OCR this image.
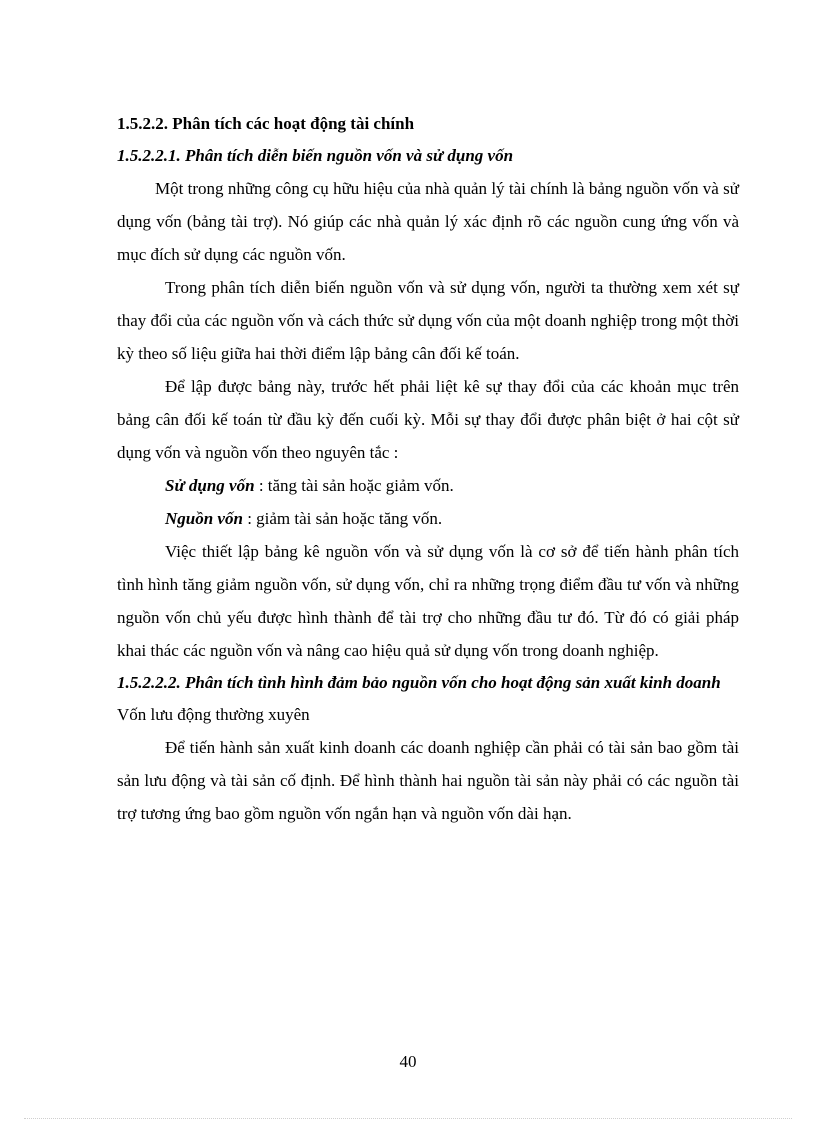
1.5.2.2. Phân tích các hoạt động tài chính

1.5.2.2.1. Phân tích diễn biến nguồn vốn và sử dụng vốn

Một trong những công cụ hữu hiệu của nhà quản lý tài chính là bảng nguồn vốn và sử dụng vốn (bảng tài trợ). Nó giúp các nhà quản lý xác định rõ các nguồn cung ứng vốn và mục đích sử dụng các nguồn vốn.

Trong phân tích diễn biến nguồn vốn và sử dụng vốn, người ta thường xem xét sự thay đổi của các nguồn vốn và cách thức sử dụng vốn của một doanh nghiệp trong một thời kỳ theo số liệu giữa hai thời điểm lập bảng cân đối kế toán.

Để lập được bảng này, trước hết phải liệt kê sự thay đổi của các khoản mục trên bảng cân đối kế toán từ đầu kỳ đến cuối kỳ. Mỗi sự thay đổi được phân biệt ở hai cột sử dụng vốn và nguồn vốn theo nguyên tắc :

Sử dụng vốn : tăng tài sản hoặc giảm vốn.

Nguồn vốn : giảm tài sản hoặc tăng vốn.

Việc thiết lập bảng kê nguồn vốn và sử dụng vốn là cơ sở để tiến hành phân tích tình hình tăng giảm nguồn vốn, sử dụng vốn, chỉ ra những trọng điểm đầu tư vốn và những nguồn vốn chủ yếu được hình thành để tài trợ cho những đầu tư đó. Từ đó có giải pháp khai thác các nguồn vốn và nâng cao hiệu quả sử dụng vốn trong doanh nghiệp.

1.5.2.2.2. Phân tích tình hình đảm bảo nguồn vốn cho hoạt động sản xuất kinh doanh

Vốn lưu động thường xuyên

Để tiến hành sản xuất kinh doanh các doanh nghiệp cần phải có tài sản bao gồm tài sản lưu động và tài sản cố định. Để hình thành hai nguồn tài sản này phải có các nguồn tài trợ tương ứng bao gồm nguồn vốn ngắn hạn và nguồn vốn dài hạn.

40
